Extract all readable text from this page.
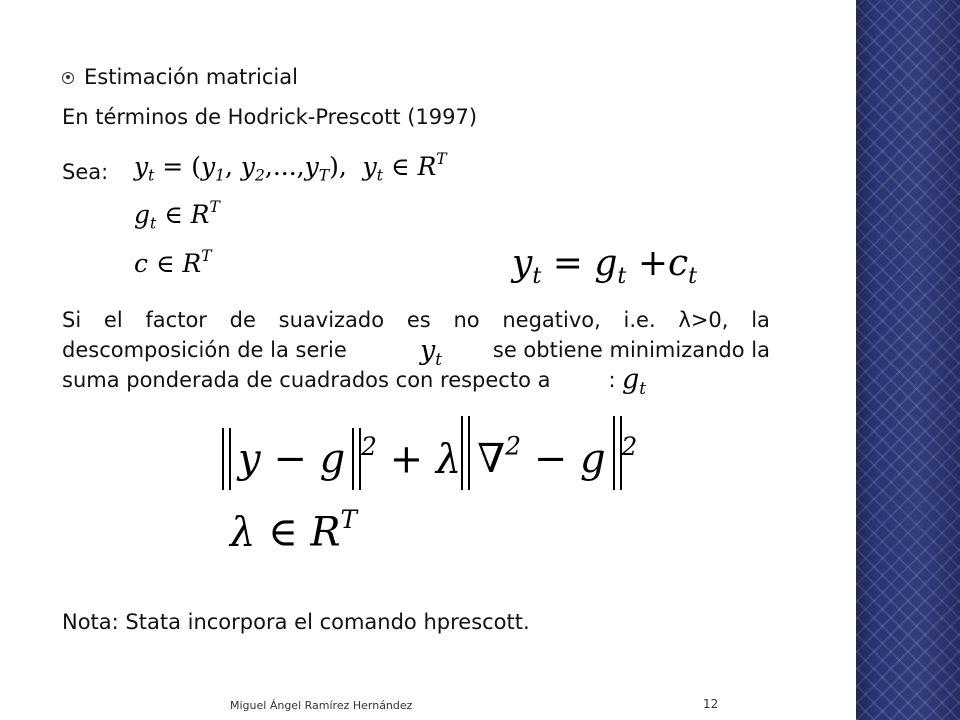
Estimación matricial
En términos de Hodrick-Prescott (1997)
Sea: $y_t = (y_1$, $y_2,...,y_T$),  $y_t$ ∈ $R^T$
$g_t$ ∈ $R^T$
c ∈ $R^T$	$y_t = g_t +c_t$
Si el factor de suavizado es no negativo, i.e. λ>0, la
descomposición de la serie	se obtiene minimizando la
suma ponderada de cuadrados con respecto a	:
$y_t$
$g_t$
y − g $^2$ + λ ∇$^2$ − g $^2$
λ ∈ $R^T$
Nota: Stata incorpora el comando hprescott.
Miguel Ángel Ramírez Hernández	12
